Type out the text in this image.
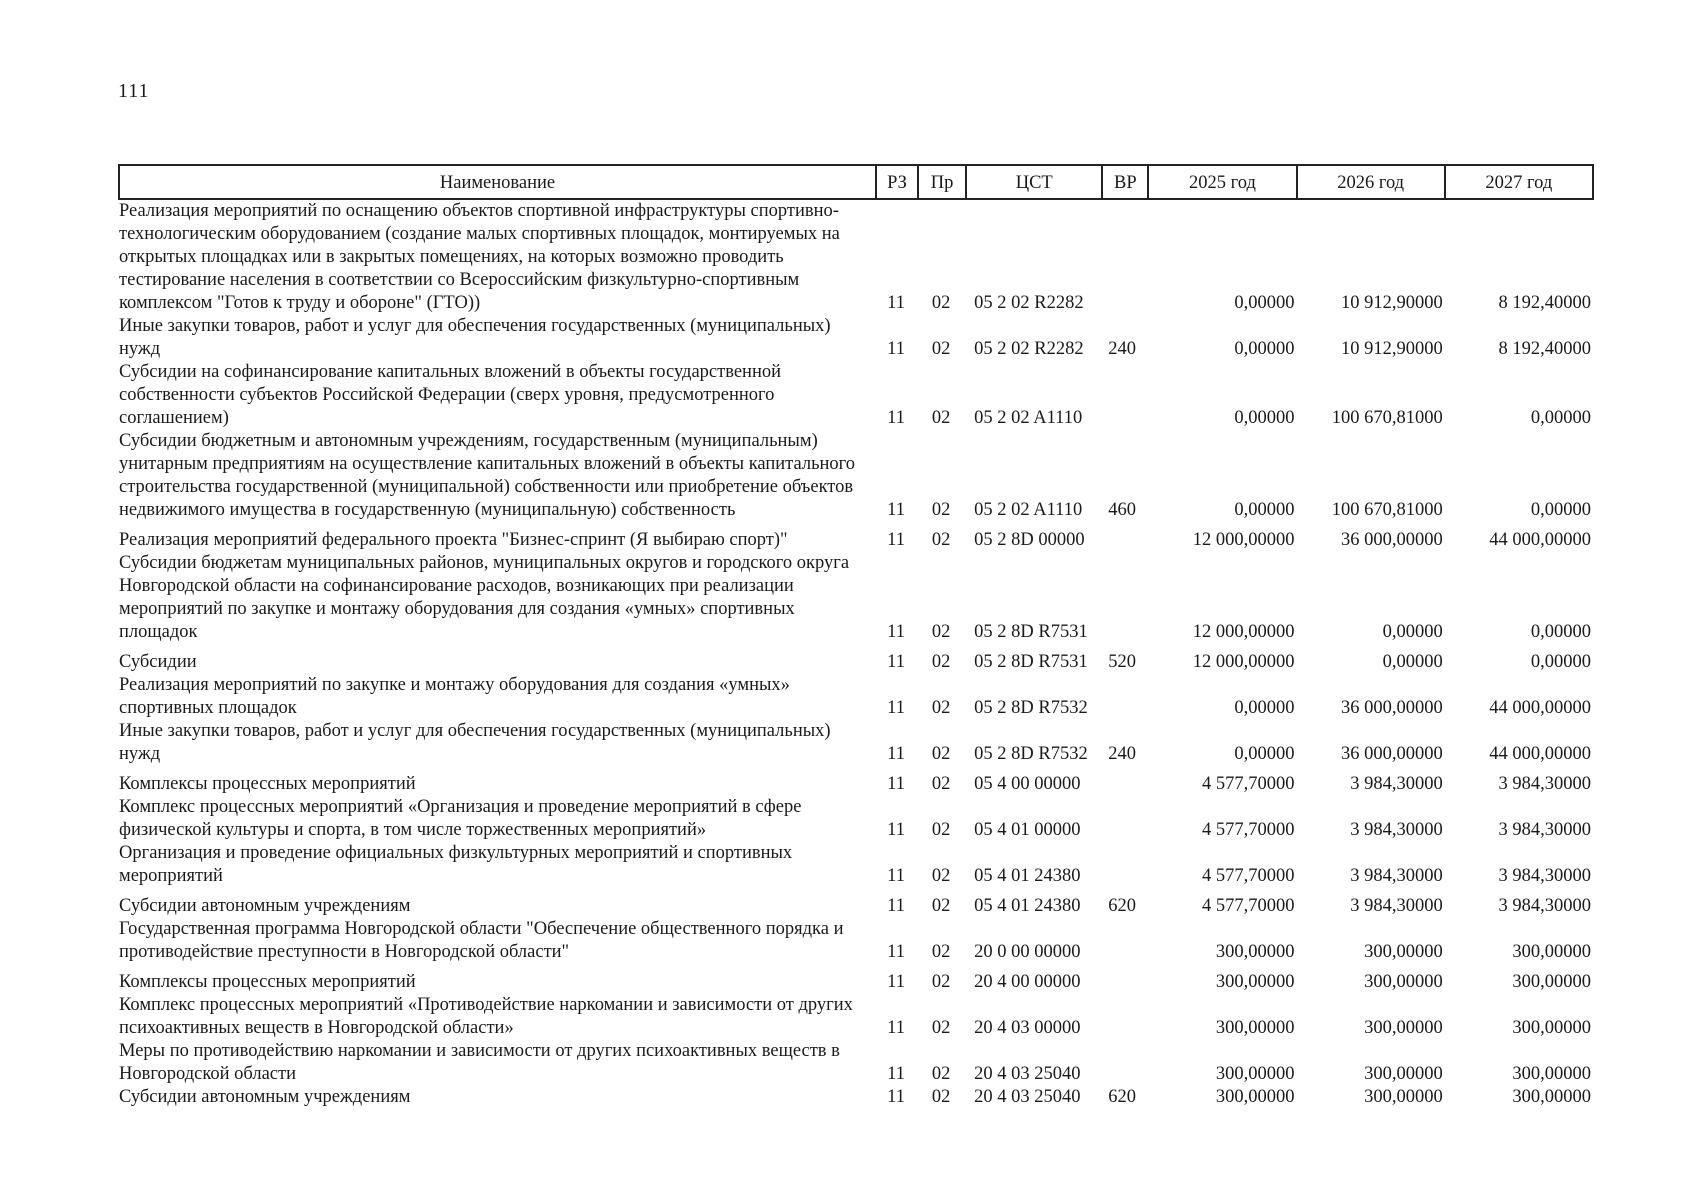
111
Наименование	РЗ	Пр	ЦСТ	ВР	2025 год	2026 год	2027 год
Реализация мероприятий по оснащению объектов спортивной инфраструктуры спортивно-технологическим оборудованием (создание малых спортивных площадок, монтируемых на открытых площадках или в закрытых помещениях, на которых возможно проводить тестирование населения в соответствии со Всероссийским физкультурно-спортивным комплексом "Готов к труду и обороне" (ГТО))	11	02	05 2 02 R2282		0,00000	10 912,90000	8 192,40000
Иные закупки товаров, работ и услуг для обеспечения государственных (муниципальных) нужд	11	02	05 2 02 R2282	240	0,00000	10 912,90000	8 192,40000
Субсидии на софинансирование капитальных вложений в объекты государственной собственности субъектов Российской Федерации (сверх уровня, предусмотренного соглашением)	11	02	05 2 02 A1110		0,00000	100 670,81000	0,00000
Субсидии бюджетным и автономным учреждениям, государственным (муниципальным) унитарным предприятиям на осуществление капитальных вложений в объекты капитального строительства государственной (муниципальной) собственности или приобретение объектов недвижимого имущества в государственную (муниципальную) собственность	11	02	05 2 02 A1110	460	0,00000	100 670,81000	0,00000
Реализация мероприятий федерального проекта "Бизнес-спринт (Я выбираю спорт)"	11	02	05 2 8D 00000		12 000,00000	36 000,00000	44 000,00000
Субсидии бюджетам муниципальных районов, муниципальных округов и городского округа Новгородской области на софинансирование расходов, возникающих при реализации мероприятий по закупке и монтажу оборудования для создания «умных» спортивных площадок	11	02	05 2 8D R7531		12 000,00000	0,00000	0,00000
Субсидии	11	02	05 2 8D R7531	520	12 000,00000	0,00000	0,00000
Реализация мероприятий по закупке и монтажу оборудования для создания «умных» спортивных площадок	11	02	05 2 8D R7532		0,00000	36 000,00000	44 000,00000
Иные закупки товаров, работ и услуг для обеспечения государственных (муниципальных) нужд	11	02	05 2 8D R7532	240	0,00000	36 000,00000	44 000,00000
Комплексы процессных мероприятий	11	02	05 4 00 00000		4 577,70000	3 984,30000	3 984,30000
Комплекс процессных мероприятий «Организация и проведение мероприятий в сфере физической культуры и спорта, в том числе торжественных мероприятий»	11	02	05 4 01 00000		4 577,70000	3 984,30000	3 984,30000
Организация и проведение официальных физкультурных мероприятий и спортивных мероприятий	11	02	05 4 01 24380		4 577,70000	3 984,30000	3 984,30000
Субсидии автономным учреждениям	11	02	05 4 01 24380	620	4 577,70000	3 984,30000	3 984,30000
Государственная программа Новгородской области "Обеспечение общественного порядка и противодействие преступности в Новгородской области"	11	02	20 0 00 00000		300,00000	300,00000	300,00000
Комплексы процессных мероприятий	11	02	20 4 00 00000		300,00000	300,00000	300,00000
Комплекс процессных мероприятий «Противодействие наркомании и зависимости от других психоактивных веществ в Новгородской области»	11	02	20 4 03 00000		300,00000	300,00000	300,00000
Меры по противодействию наркомании и зависимости от других психоактивных веществ в Новгородской области	11	02	20 4 03 25040		300,00000	300,00000	300,00000
Субсидии автономным учреждениям	11	02	20 4 03 25040	620	300,00000	300,00000	300,00000
